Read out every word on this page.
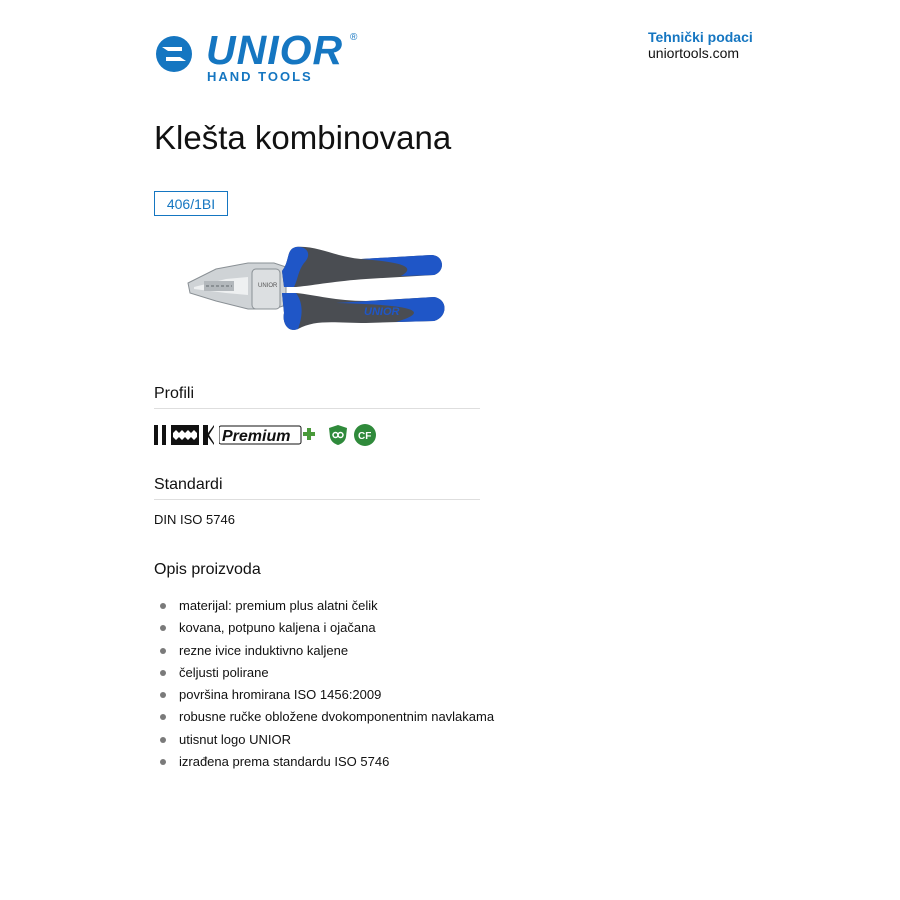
UNIOR ®
HAND TOOLS
Tehnički podaci
uniortools.com
Klešta kombinovana
406/1BI
UNIOR
UNIOR
Profili
Premium	CF
Standardi
DIN ISO 5746
Opis proizvoda
materijal: premium plus alatni čelik
kovana, potpuno kaljena i ojačana
rezne ivice induktivno kaljene
čeljusti polirane
površina hromirana ISO 1456:2009
robusne ručke obložene dvokomponentnim navlakama
utisnut logo UNIOR
izrađena prema standardu ISO 5746
